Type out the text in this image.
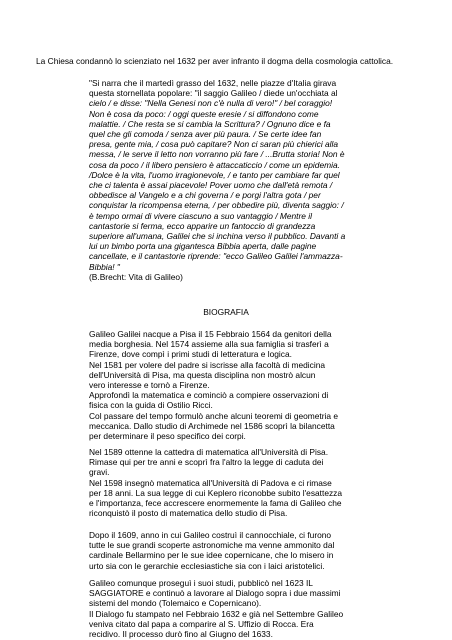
La Chiesa condannò lo scienziato nel 1632 per aver infranto il dogma della cosmologia cattolica.

"Si narra che il martedì grasso del 1632, nelle piazze d'Italia girava
questa stornellata popolare: "il saggio Galileo / diede un'occhiata al
cielo / e disse: "Nella Genesi non c'è nulla di vero!" / bel coraggio!
Non è cosa da poco: / oggi queste eresie / si diffondono come
malattie. / Che resta se si cambia la Scrittura? / Ognuno dice e fa
quel che gli comoda / senza aver più paura. / Se certe idee fan
presa, gente mia, / cosa può capitare? Non ci saran più chierici alla
messa, / le serve il letto non vorranno più fare / ...Brutta storia! Non è
cosa da poco / il libero pensiero è attaccaticcio / come un epidemia.
/Dolce è la vita, l'uomo irragionevole, / e tanto per cambiare far quel
che ci talenta è assai piacevole! Pover uomo che dall'età remota /
obbedisce al Vangelo e a chi governa / e porgi l'altra gota / per
conquistar la ricompensa eterna, / per obbedire più, diventa saggio: /
è tempo ormai di vivere ciascuno a suo vantaggio / Mentre il
cantastorie si ferma, ecco apparire un fantoccio di grandezza
superiore all'umana, Galilei che si inchina verso il pubblico. Davanti a
lui un bimbo porta una gigantesca Bibbia aperta, dalle pagine
cancellate, e il cantastorie riprende: "ecco Galileo Galilei l'ammazza-
Bibbia! "
(B.Brecht: Vita di Galileo)
BIOGRAFIA
Galileo Galilei nacque a Pisa il 15 Febbraio 1564 da genitori della
media borghesia. Nel 1574 assieme alla sua famiglia si trasferì a
Firenze, dove compì i primi studi di letteratura e logica.
Nel 1581 per volere del padre si iscrisse alla facoltà di medicina
dell'Università di Pisa, ma questa disciplina non mostrò alcun
vero interesse e tornò a Firenze.
Approfondì la matematica e cominciò a compiere osservazioni di
fisica con la guida di Ostilio Ricci.
Col passare del tempo formulò anche alcuni teoremi di geometria e
meccanica. Dallo studio di Archimede nel 1586 scoprì la bilancetta
per determinare il peso specifico dei corpi.
Nel 1589 ottenne la cattedra di matematica all'Università di Pisa.
Rimase qui per tre anni e scoprì fra l'altro la legge di caduta dei
gravi.
Nel 1598 insegnò matematica all'Università di Padova e ci rimase
per 18 anni. La sua legge di cui Keplero riconobbe subito l'esattezza
e l'importanza, fece accrescere enormemente la fama di Galileo che
riconquistò il posto di matematica dello studio di Pisa.
Dopo il 1609, anno in cui Galileo costruì il cannocchiale, ci furono
tutte le sue grandi scoperte astronomiche ma venne ammonito dal
cardinale Bellarmino per le sue idee copernicane, che lo misero in
urto sia con le gerarchie ecclesiastiche sia con i laici aristotelici.
Galileo comunque proseguì i suoi studi, pubblicò nel 1623 IL
SAGGIATORE e continuò a lavorare al Dialogo sopra i due massimi
sistemi del mondo (Tolemaico e Copernicano).
Il Dialogo fu stampato nel Febbraio 1632 e già nel Settembre Galileo
veniva citato dal papa a comparire al S. Uffizio di Rocca. Era
recidivo. Il processo durò fino al Giugno del 1633.
